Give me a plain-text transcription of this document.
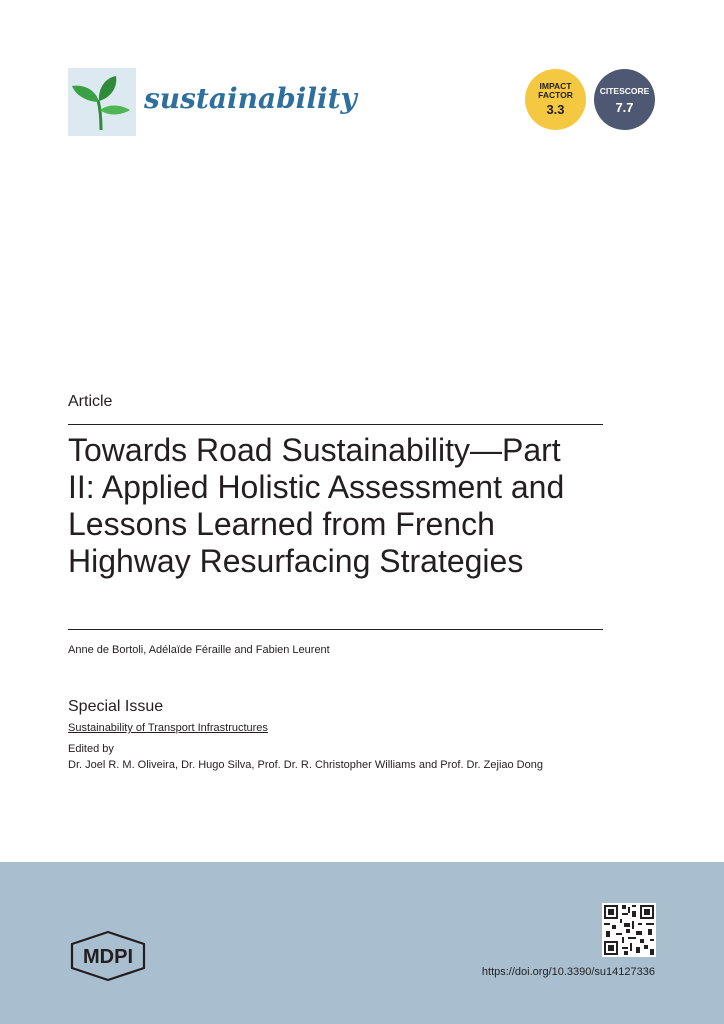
sustainability	IMPACT
FACTOR
3.3
CITESCORE
7.7
Article
Towards Road Sustainability—Part
II: Applied Holistic Assessment and
Lessons Learned from French
Highway Resurfacing Strategies
Anne de Bortoli, Adélaïde Féraille and Fabien Leurent
Special Issue
Sustainability of Transport Infrastructures
Edited by
Dr. Joel R. M. Oliveira, Dr. Hugo Silva, Prof. Dr. R. Christopher Williams and Prof. Dr. Zejiao Dong
MDPI
https://doi.org/10.3390/su14127336
